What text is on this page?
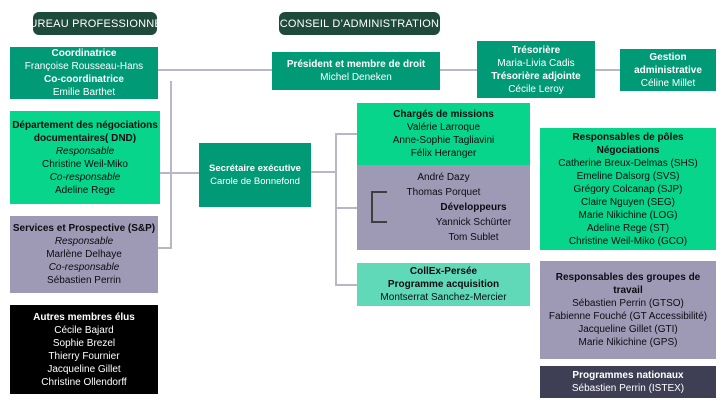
BUREAU PROFESSIONNEL	CONSEIL D’ADMINISTRATION
Coordinatrice
Françoise Rousseau-Hans
Co-coordinatrice
Emilie Barthet
Département des négociations documentaires( DND)
Responsable
Christine Weil-Miko
Co-responsable
Adeline Rege
Services et Prospective (S&P)
Responsable
Marlène Delhaye
Co-responsable
Sébastien Perrin
Autres membres élus
Cécile Bajard
Sophie Brezel
Thierry Fournier
Jacqueline Gillet
Christine Ollendorff
Président et membre de droit
Michel Deneken
Secrétaire exécutive
Carole de Bonnefond
Chargés de missions
Valérie Larroque
Anne-Sophie Tagliavini
Félix Heranger
André Dazy
Thomas Porquet
Développeurs
Yannick Schürter
Tom Sublet
CollEx-Persée
Programme acquisition
Montserrat Sanchez-Mercier
Trésorière
Maria-Livia Cadis
Trésorière adjointe
Cécile Leroy
Gestion administrative
Céline Millet
Responsables de pôles Négociations
Catherine Breux-Delmas (SHS)
Emeline Dalsorg (SVS)
Grégory Colcanap (SJP)
Claire Nguyen (SEG)
Marie Nikichine (LOG)
Adeline Rege (ST)
Christine Weil-Miko (GCO)
Responsables des groupes de travail
Sébastien Perrin (GTSO)
Fabienne Fouché (GT Accessibilité)
Jacqueline Gillet (GTI)
Marie Nikichine (GPS)
Programmes nationaux
Sébastien Perrin (ISTEX)
